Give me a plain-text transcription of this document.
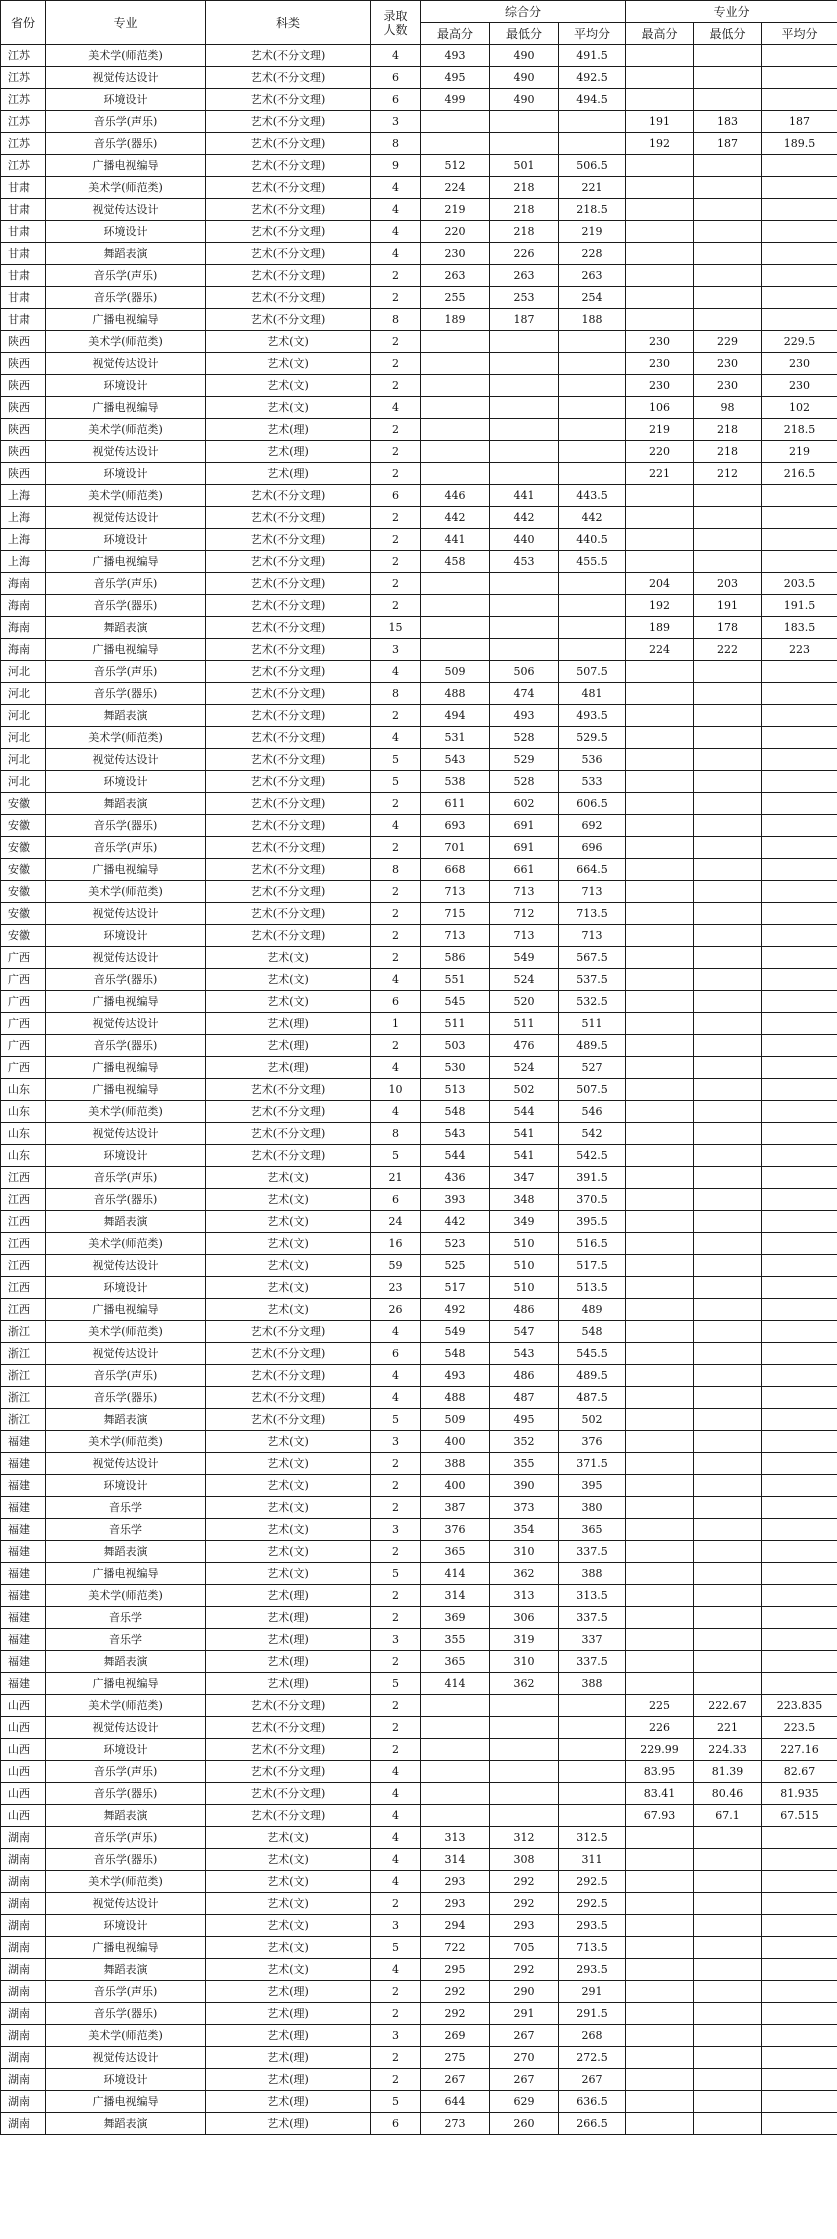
省份	专业	科类	录取人数	综合分			专业分		
				最高分	最低分	平均分	最高分	最低分	平均分
江苏	美术学(师范类)	艺术(不分文理)	4	493	490	491.5			
江苏	视觉传达设计	艺术(不分文理)	6	495	490	492.5			
江苏	环境设计	艺术(不分文理)	6	499	490	494.5			
江苏	音乐学(声乐)	艺术(不分文理)	3				191	183	187
江苏	音乐学(器乐)	艺术(不分文理)	8				192	187	189.5
江苏	广播电视编导	艺术(不分文理)	9	512	501	506.5			
甘肃	美术学(师范类)	艺术(不分文理)	4	224	218	221			
甘肃	视觉传达设计	艺术(不分文理)	4	219	218	218.5			
甘肃	环境设计	艺术(不分文理)	4	220	218	219			
甘肃	舞蹈表演	艺术(不分文理)	4	230	226	228			
甘肃	音乐学(声乐)	艺术(不分文理)	2	263	263	263			
甘肃	音乐学(器乐)	艺术(不分文理)	2	255	253	254			
甘肃	广播电视编导	艺术(不分文理)	8	189	187	188			
陕西	美术学(师范类)	艺术(文)	2				230	229	229.5
陕西	视觉传达设计	艺术(文)	2				230	230	230
陕西	环境设计	艺术(文)	2				230	230	230
陕西	广播电视编导	艺术(文)	4				106	98	102
陕西	美术学(师范类)	艺术(理)	2				219	218	218.5
陕西	视觉传达设计	艺术(理)	2				220	218	219
陕西	环境设计	艺术(理)	2				221	212	216.5
上海	美术学(师范类)	艺术(不分文理)	6	446	441	443.5			
上海	视觉传达设计	艺术(不分文理)	2	442	442	442			
上海	环境设计	艺术(不分文理)	2	441	440	440.5			
上海	广播电视编导	艺术(不分文理)	2	458	453	455.5			
海南	音乐学(声乐)	艺术(不分文理)	2				204	203	203.5
海南	音乐学(器乐)	艺术(不分文理)	2				192	191	191.5
海南	舞蹈表演	艺术(不分文理)	15				189	178	183.5
海南	广播电视编导	艺术(不分文理)	3				224	222	223
河北	音乐学(声乐)	艺术(不分文理)	4	509	506	507.5			
河北	音乐学(器乐)	艺术(不分文理)	8	488	474	481			
河北	舞蹈表演	艺术(不分文理)	2	494	493	493.5			
河北	美术学(师范类)	艺术(不分文理)	4	531	528	529.5			
河北	视觉传达设计	艺术(不分文理)	5	543	529	536			
河北	环境设计	艺术(不分文理)	5	538	528	533			
安徽	舞蹈表演	艺术(不分文理)	2	611	602	606.5			
安徽	音乐学(器乐)	艺术(不分文理)	4	693	691	692			
安徽	音乐学(声乐)	艺术(不分文理)	2	701	691	696			
安徽	广播电视编导	艺术(不分文理)	8	668	661	664.5			
安徽	美术学(师范类)	艺术(不分文理)	2	713	713	713			
安徽	视觉传达设计	艺术(不分文理)	2	715	712	713.5			
安徽	环境设计	艺术(不分文理)	2	713	713	713			
广西	视觉传达设计	艺术(文)	2	586	549	567.5			
广西	音乐学(器乐)	艺术(文)	4	551	524	537.5			
广西	广播电视编导	艺术(文)	6	545	520	532.5			
广西	视觉传达设计	艺术(理)	1	511	511	511			
广西	音乐学(器乐)	艺术(理)	2	503	476	489.5			
广西	广播电视编导	艺术(理)	4	530	524	527			
山东	广播电视编导	艺术(不分文理)	10	513	502	507.5			
山东	美术学(师范类)	艺术(不分文理)	4	548	544	546			
山东	视觉传达设计	艺术(不分文理)	8	543	541	542			
山东	环境设计	艺术(不分文理)	5	544	541	542.5			
江西	音乐学(声乐)	艺术(文)	21	436	347	391.5			
江西	音乐学(器乐)	艺术(文)	6	393	348	370.5			
江西	舞蹈表演	艺术(文)	24	442	349	395.5			
江西	美术学(师范类)	艺术(文)	16	523	510	516.5			
江西	视觉传达设计	艺术(文)	59	525	510	517.5			
江西	环境设计	艺术(文)	23	517	510	513.5			
江西	广播电视编导	艺术(文)	26	492	486	489			
浙江	美术学(师范类)	艺术(不分文理)	4	549	547	548			
浙江	视觉传达设计	艺术(不分文理)	6	548	543	545.5			
浙江	音乐学(声乐)	艺术(不分文理)	4	493	486	489.5			
浙江	音乐学(器乐)	艺术(不分文理)	4	488	487	487.5			
浙江	舞蹈表演	艺术(不分文理)	5	509	495	502			
福建	美术学(师范类)	艺术(文)	3	400	352	376			
福建	视觉传达设计	艺术(文)	2	388	355	371.5			
福建	环境设计	艺术(文)	2	400	390	395			
福建	音乐学	艺术(文)	2	387	373	380			
福建	音乐学	艺术(文)	3	376	354	365			
福建	舞蹈表演	艺术(文)	2	365	310	337.5			
福建	广播电视编导	艺术(文)	5	414	362	388			
福建	美术学(师范类)	艺术(理)	2	314	313	313.5			
福建	音乐学	艺术(理)	2	369	306	337.5			
福建	音乐学	艺术(理)	3	355	319	337			
福建	舞蹈表演	艺术(理)	2	365	310	337.5			
福建	广播电视编导	艺术(理)	5	414	362	388			
山西	美术学(师范类)	艺术(不分文理)	2				225	222.67	223.835
山西	视觉传达设计	艺术(不分文理)	2				226	221	223.5
山西	环境设计	艺术(不分文理)	2				229.99	224.33	227.16
山西	音乐学(声乐)	艺术(不分文理)	4				83.95	81.39	82.67
山西	音乐学(器乐)	艺术(不分文理)	4				83.41	80.46	81.935
山西	舞蹈表演	艺术(不分文理)	4				67.93	67.1	67.515
湖南	音乐学(声乐)	艺术(文)	4	313	312	312.5			
湖南	音乐学(器乐)	艺术(文)	4	314	308	311			
湖南	美术学(师范类)	艺术(文)	4	293	292	292.5			
湖南	视觉传达设计	艺术(文)	2	293	292	292.5			
湖南	环境设计	艺术(文)	3	294	293	293.5			
湖南	广播电视编导	艺术(文)	5	722	705	713.5			
湖南	舞蹈表演	艺术(文)	4	295	292	293.5			
湖南	音乐学(声乐)	艺术(理)	2	292	290	291			
湖南	音乐学(器乐)	艺术(理)	2	292	291	291.5			
湖南	美术学(师范类)	艺术(理)	3	269	267	268			
湖南	视觉传达设计	艺术(理)	2	275	270	272.5			
湖南	环境设计	艺术(理)	2	267	267	267			
湖南	广播电视编导	艺术(理)	5	644	629	636.5			
湖南	舞蹈表演	艺术(理)	6	273	260	266.5			
